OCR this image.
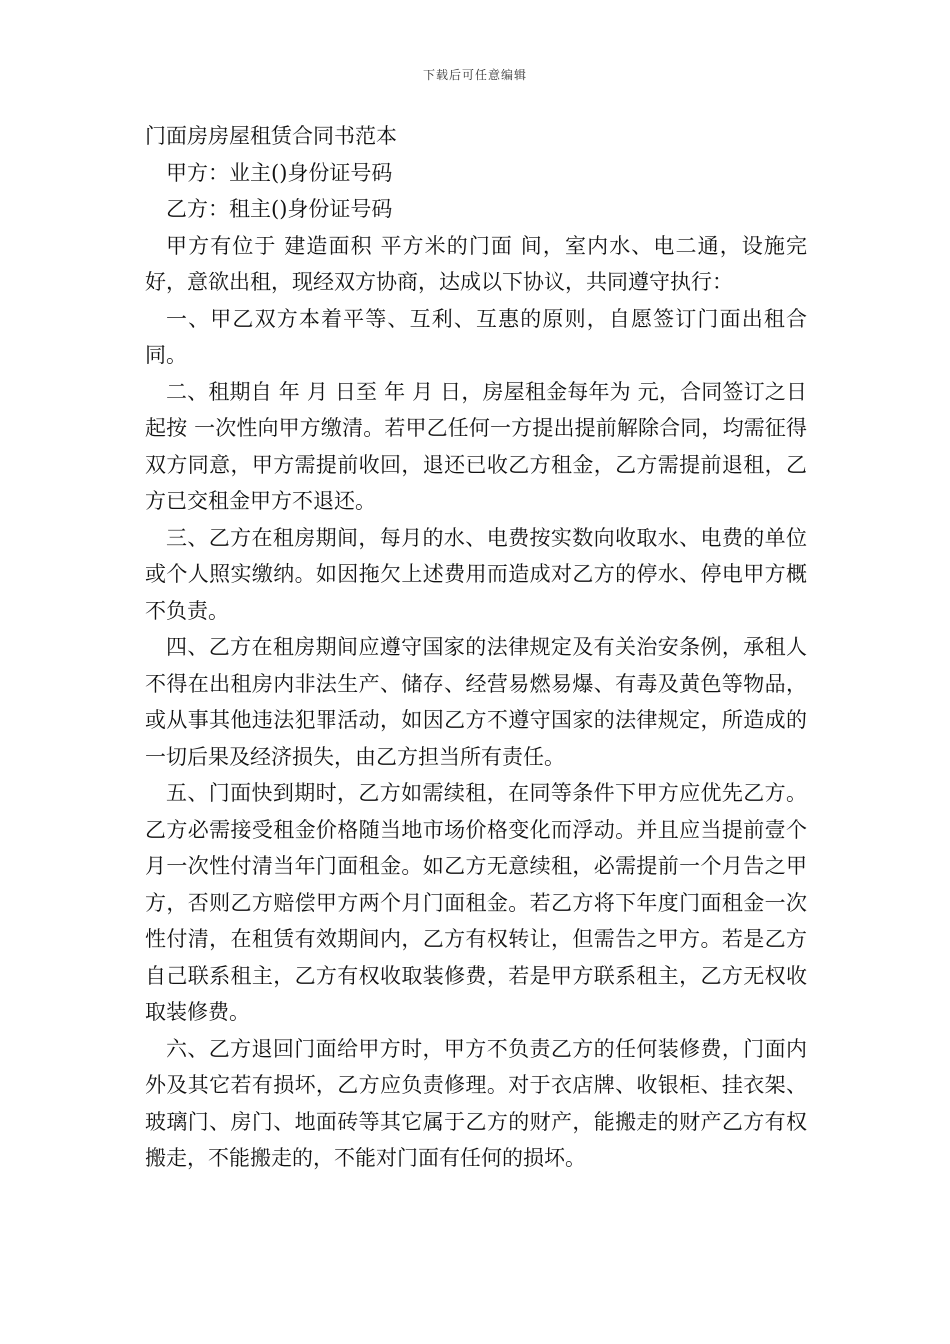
下载后可任意编辑
门面房房屋租赁合同书范本

甲方：业主()身份证号码

乙方：租主()身份证号码

甲方有位于 建造面积 平方米的门面 间，室内水、电二通，设施完好，意欲出租，现经双方协商，达成以下协议，共同遵守执行：

一、甲乙双方本着平等、互利、互惠的原则，自愿签订门面出租合同。

二、租期自 年 月 日至 年 月 日，房屋租金每年为 元，合同签订之日起按 一次性向甲方缴清。若甲乙任何一方提出提前解除合同，均需征得双方同意，甲方需提前收回，退还已收乙方租金，乙方需提前退租，乙方已交租金甲方不退还。

三、乙方在租房期间，每月的水、电费按实数向收取水、电费的单位或个人照实缴纳。如因拖欠上述费用而造成对乙方的停水、停电甲方概不负责。

四、乙方在租房期间应遵守国家的法律规定及有关治安条例，承租人不得在出租房内非法生产、储存、经营易燃易爆、有毒及黄色等物品，或从事其他违法犯罪活动，如因乙方不遵守国家的法律规定，所造成的一切后果及经济损失，由乙方担当所有责任。

五、门面快到期时，乙方如需续租，在同等条件下甲方应优先乙方。乙方必需接受租金价格随当地市场价格变化而浮动。并且应当提前壹个月一次性付清当年门面租金。如乙方无意续租，必需提前一个月告之甲方，否则乙方赔偿甲方两个月门面租金。若乙方将下年度门面租金一次性付清，在租赁有效期间内，乙方有权转让，但需告之甲方。若是乙方自己联系租主，乙方有权收取装修费，若是甲方联系租主，乙方无权收取装修费。

六、乙方退回门面给甲方时，甲方不负责乙方的任何装修费，门面内外及其它若有损坏，乙方应负责修理。对于衣店牌、收银柜、挂衣架、玻璃门、房门、地面砖等其它属于乙方的财产，能搬走的财产乙方有权搬走，不能搬走的，不能对门面有任何的损坏。
